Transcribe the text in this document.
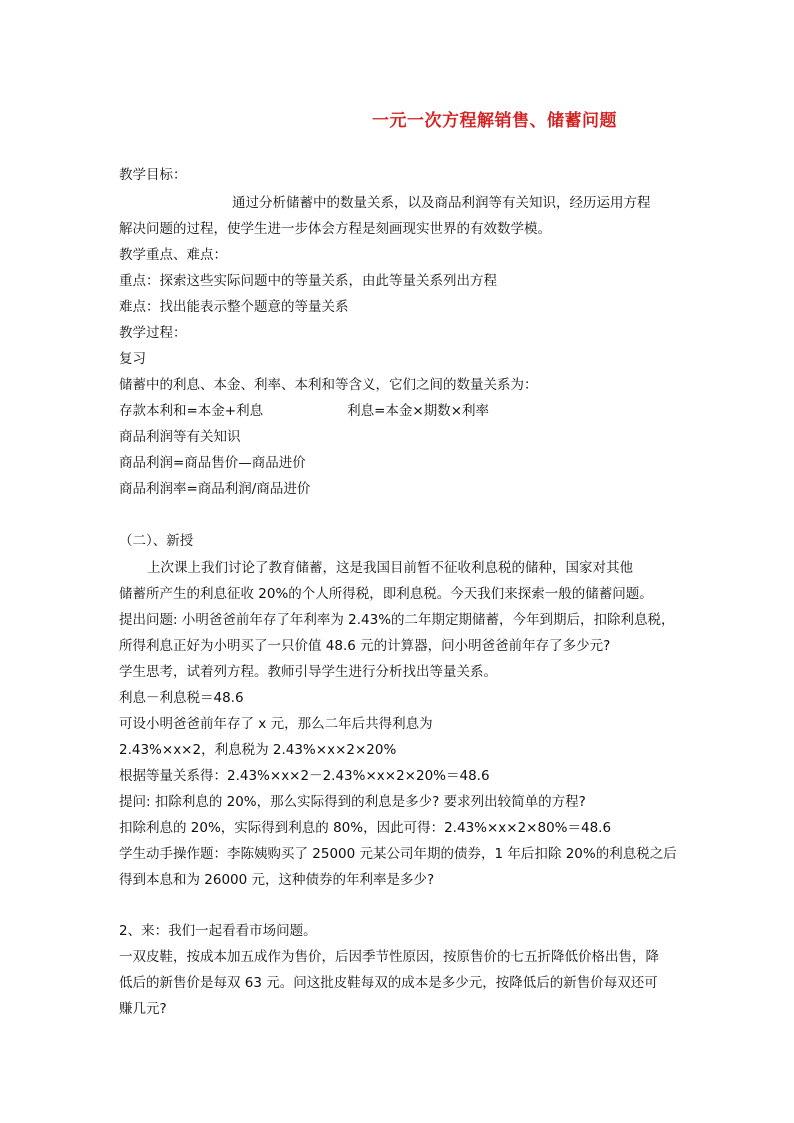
一元一次方程解销售、储蓄问题
教学目标：
通过分析储蓄中的数量关系，以及商品利润等有关知识，经历运用方程
解决问题的过程，使学生进一步体会方程是刻画现实世界的有效数学模。
教学重点、难点：
重点：探索这些实际问题中的等量关系，由此等量关系列出方程
难点：找出能表示整个题意的等量关系
教学过程：
复习
储蓄中的利息、本金、利率、本利和等含义，它们之间的数量关系为：
存款本利和=本金+利息	利息=本金×期数×利率
商品利润等有关知识
商品利润=商品售价—商品进价
商品利润率=商品利润/商品进价
（二）、新授
上次课上我们讨论了教育储蓄，这是我国目前暂不征收利息税的储种，国家对其他
储蓄所产生的利息征收 20%的个人所得税，即利息税。今天我们来探索一般的储蓄问题。
提出问题: 小明爸爸前年存了年利率为 2.43%的二年期定期储蓄，今年到期后，扣除利息税，
所得利息正好为小明买了一只价值 48.6 元的计算器，问小明爸爸前年存了多少元?
学生思考，试着列方程。教师引导学生进行分析找出等量关系。
利息－利息税＝48.6
可设小明爸爸前年存了 x 元，那么二年后共得利息为
2.43%×x×2，利息税为 2.43%×x×2×20%
根据等量关系得：2.43%×x×2－2.43%×x×2×20%＝48.6
提问: 扣除利息的 20%，那么实际得到的利息是多少? 要求列出较简单的方程?
扣除利息的 20%，实际得到利息的 80%，因此可得：2.43%×x×2×80%＝48.6
学生动手操作题：李陈姨购买了 25000 元某公司年期的债券，1 年后扣除 20%的利息税之后
得到本息和为 26000 元，这种债券的年利率是多少?
2、来：我们一起看看市场问题。
一双皮鞋，按成本加五成作为售价，后因季节性原因，按原售价的七五折降低价格出售，降
低后的新售价是每双 63 元。问这批皮鞋每双的成本是多少元，按降低后的新售价每双还可
赚几元?
